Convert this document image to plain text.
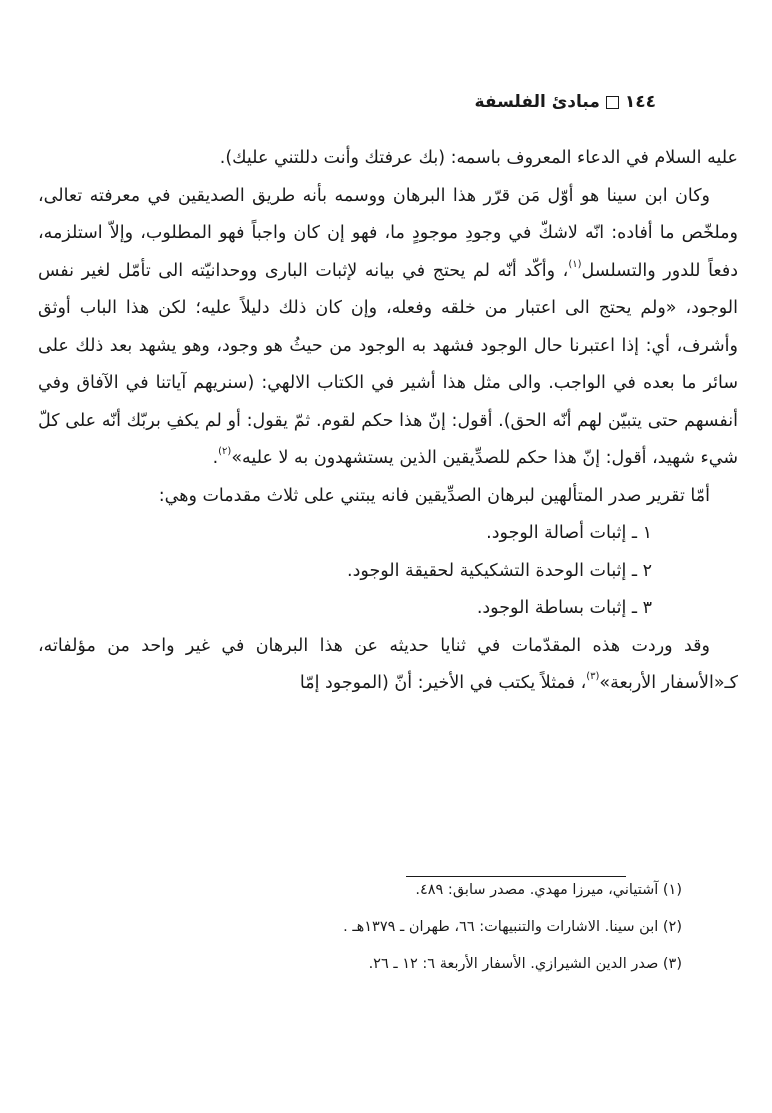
١٤٤
مبادئ الفلسفة

عليه السلام في الدعاء المعروف باسمه: (بك عرفتك وأنت دللتني عليك).

وكان ابن سينا هو أوّل مَن قرّر هذا البرهان ووسمه بأنه طريق الصديقين في معرفته تعالى، وملخّص ما أفاده: انّه لاشكّ في وجودِ موجودٍ ما، فهو إن كان واجباً فهو المطلوب، وإلاّ استلزمه، دفعاً للدور والتسلسل$^{(١)}$، وأكّد أنّه لم يحتج في بيانه لإثبات البارى ووحدانيّته الى تأمّل لغير نفس الوجود، «ولم يحتج الى اعتبار من خلقه وفعله، وإن كان ذلك دليلاً عليه؛ لكن هذا الباب أوثق وأشرف، أي: إذا اعتبرنا حال الوجود فشهد به الوجود من حيثُ هو وجود، وهو يشهد بعد ذلك على سائر ما بعده في الواجب. والى مثل هذا أشير في الكتاب الالهي: (سنريهم آياتنا في الآفاق وفي أنفسهم حتى يتبيّن لهم أنّه الحق). أقول: إنّ هذا حكم لقوم. ثمّ يقول: أو لم يكفِ بربّك أنّه على كلّ شيء شهيد، أقول: إنّ هذا حكم للصدِّيقين الذين يستشهدون به لا عليه»$^{(٢)}$.

أمّا تقرير صدر المتألهين لبرهان الصدِّيقين فانه يبتني على ثلاث مقدمات وهي:

١ ـ إثبات أصالة الوجود.
٢ ـ إثبات الوحدة التشكيكية لحقيقة الوجود.
٣ ـ إثبات بساطة الوجود.

وقد وردت هذه المقدّمات في ثنايا حديثه عن هذا البرهان في غير واحد من مؤلفاته، كـ«الأسفار الأربعة»$^{(٣)}$، فمثلاً يكتب في الأخير: أنّ (الموجود إمّا

(١) آشتياني، ميرزا مهدي. مصدر سابق: ٤٨٩.
(٢) ابن سينا. الاشارات والتنبيهات: ٦٦، طهران ـ ١٣٧٩هـ .
(٣) صدر الدين الشيرازي. الأسفار الأربعة ٦: ١٢ ـ ٢٦.
